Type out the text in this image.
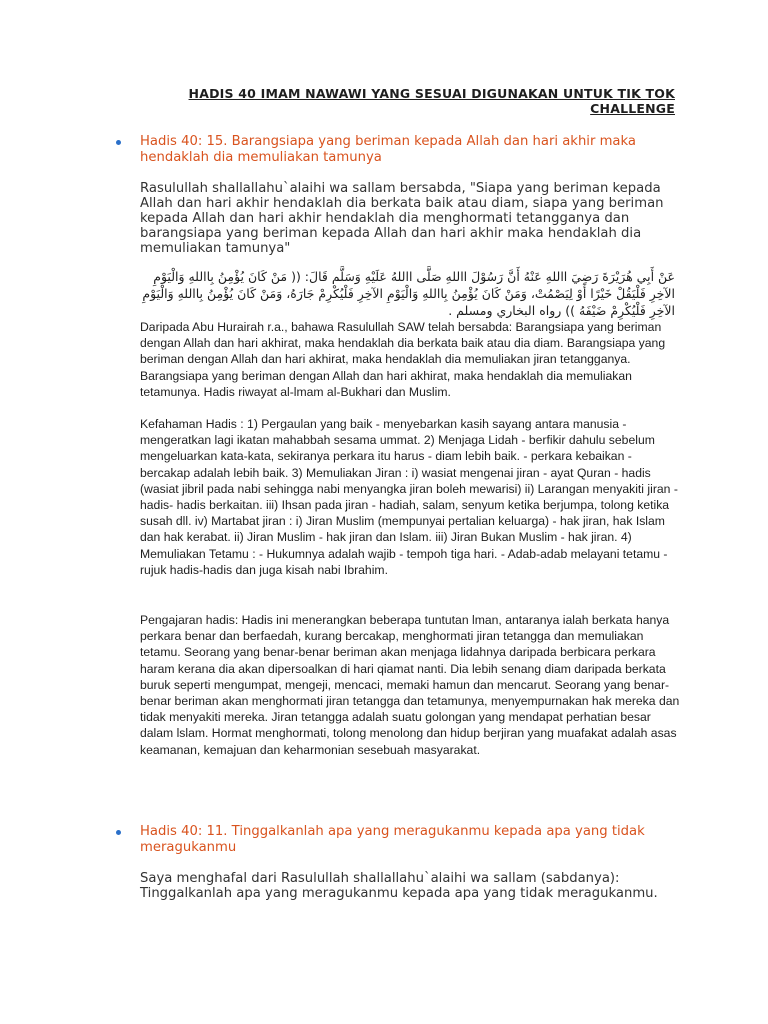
HADIS 40 IMAM NAWAWI YANG SESUAI DIGUNAKAN UNTUK TIK TOK CHALLENGE
Hadis 40: 15. Barangsiapa yang beriman kepada Allah dan hari akhir maka hendaklah dia memuliakan tamunya
Rasulullah shallallahu`alaihi wa sallam bersabda, "Siapa yang beriman kepada Allah dan hari akhir hendaklah dia berkata baik atau diam, siapa yang beriman kepada Allah dan hari akhir hendaklah dia menghormati tetangganya dan barangsiapa yang beriman kepada Allah dan hari akhir maka hendaklah dia memuliakan tamunya"
عَنْ أَبِي هُرَيْرَةَ رَضِيَ االلهِ عَنْهُ أَنَّ رَسُوْلَ االلهِ صَلَّى االلهُ عَلَيْهِ وَسَلَّم قَالَ: (( مَنْ كَانَ يُؤْمِنُ بِااللهِ وَالْيَوْمِ الآخِرِ فَلْيَقُلْ خَيْرًا أَوْ لِيَصْمُتْ، وَمَنْ كَانَ يُؤْمِنُ بِااللهِ وَالْيَوْمِ الآخِرِ فَلْيُكْرِمْ جَارَهُ، وَمَنْ كَانَ يُؤْمِنُ بِااللهِ وَالْيَوْمِ الآخِرِ فَلْيُكْرِمْ ضَيْفَهُ )) رواه البخاري ومسلم .
Daripada Abu Hurairah r.a., bahawa Rasulullah SAW telah bersabda: Barangsiapa yang beriman dengan Allah dan hari akhirat, maka hendaklah dia berkata baik atau dia diam. Barangsiapa yang beriman dengan Allah dan hari akhirat, maka hendaklah dia memuliakan jiran tetangganya. Barangsiapa yang beriman dengan Allah dan hari akhirat, maka hendaklah dia memuliakan tetamunya. Hadis riwayat al-lmam al-Bukhari dan Muslim.
Kefahaman Hadis : 1) Pergaulan yang baik - menyebarkan kasih sayang antara manusia - mengeratkan lagi ikatan mahabbah sesama ummat. 2) Menjaga Lidah - berfikir dahulu sebelum mengeluarkan kata-kata, sekiranya perkara itu harus - diam lebih baik. - perkara kebaikan - bercakap adalah lebih baik. 3) Memuliakan Jiran : i) wasiat mengenai jiran - ayat Quran - hadis (wasiat jibril pada nabi sehingga nabi menyangka jiran boleh mewarisi) ii) Larangan menyakiti jiran - hadis- hadis berkaitan. iii) Ihsan pada jiran - hadiah, salam, senyum ketika berjumpa, tolong ketika susah dll. iv) Martabat jiran : i) Jiran Muslim (mempunyai pertalian keluarga) - hak jiran, hak Islam dan hak kerabat. ii) Jiran Muslim - hak jiran dan Islam. iii) Jiran Bukan Muslim - hak jiran. 4) Memuliakan Tetamu : - Hukumnya adalah wajib - tempoh tiga hari. - Adab-adab melayani tetamu - rujuk hadis-hadis dan juga kisah nabi Ibrahim.
Pengajaran hadis: Hadis ini menerangkan beberapa tuntutan lman, antaranya ialah berkata hanya perkara benar dan berfaedah, kurang bercakap, menghormati jiran tetangga dan memuliakan tetamu. Seorang yang benar-benar beriman akan menjaga lidahnya daripada berbicara perkara haram kerana dia akan dipersoalkan di hari qiamat nanti. Dia lebih senang diam daripada berkata buruk seperti mengumpat, mengeji, mencaci, memaki hamun dan mencarut. Seorang yang benar-benar beriman akan menghormati jiran tetangga dan tetamunya, menyempurnakan hak mereka dan tidak menyakiti mereka. Jiran tetangga adalah suatu golongan yang mendapat perhatian besar dalam lslam. Hormat menghormati, tolong menolong dan hidup berjiran yang muafakat adalah asas keamanan, kemajuan dan keharmonian sesebuah masyarakat.
Hadis 40: 11. Tinggalkanlah apa yang meragukanmu kepada apa yang tidak meragukanmu
Saya menghafal dari Rasulullah shallallahu`alaihi wa sallam (sabdanya): Tinggalkanlah apa yang meragukanmu kepada apa yang tidak meragukanmu.
